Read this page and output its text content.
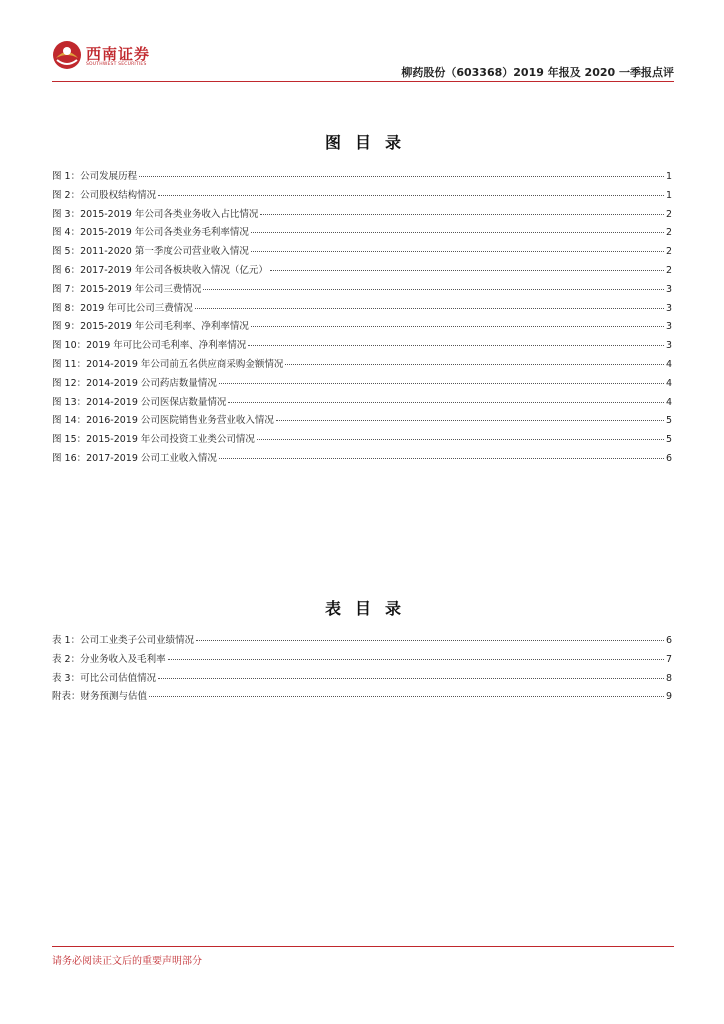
西南证券
SOUTHWEST SECURITIES
柳药股份（603368）2019 年报及 2020 一季报点评
图目录
图 1：公司发展历程	1
图 2：公司股权结构情况	1
图 3：2015-2019 年公司各类业务收入占比情况	2
图 4：2015-2019 年公司各类业务毛利率情况	2
图 5：2011-2020 第一季度公司营业收入情况	2
图 6：2017-2019 年公司各板块收入情况（亿元）	2
图 7：2015-2019 年公司三费情况	3
图 8：2019 年可比公司三费情况	3
图 9：2015-2019 年公司毛利率、净利率情况	3
图 10：2019 年可比公司毛利率、净利率情况	3
图 11：2014-2019 年公司前五名供应商采购金额情况	4
图 12：2014-2019 公司药店数量情况	4
图 13：2014-2019 公司医保店数量情况	4
图 14：2016-2019 公司医院销售业务营业收入情况	5
图 15：2015-2019 年公司投资工业类公司情况	5
图 16：2017-2019 公司工业收入情况	6
表目录
表 1：公司工业类子公司业绩情况	6
表 2：分业务收入及毛利率	7
表 3：可比公司估值情况	8
附表：财务预测与估值	9
请务必阅读正文后的重要声明部分
